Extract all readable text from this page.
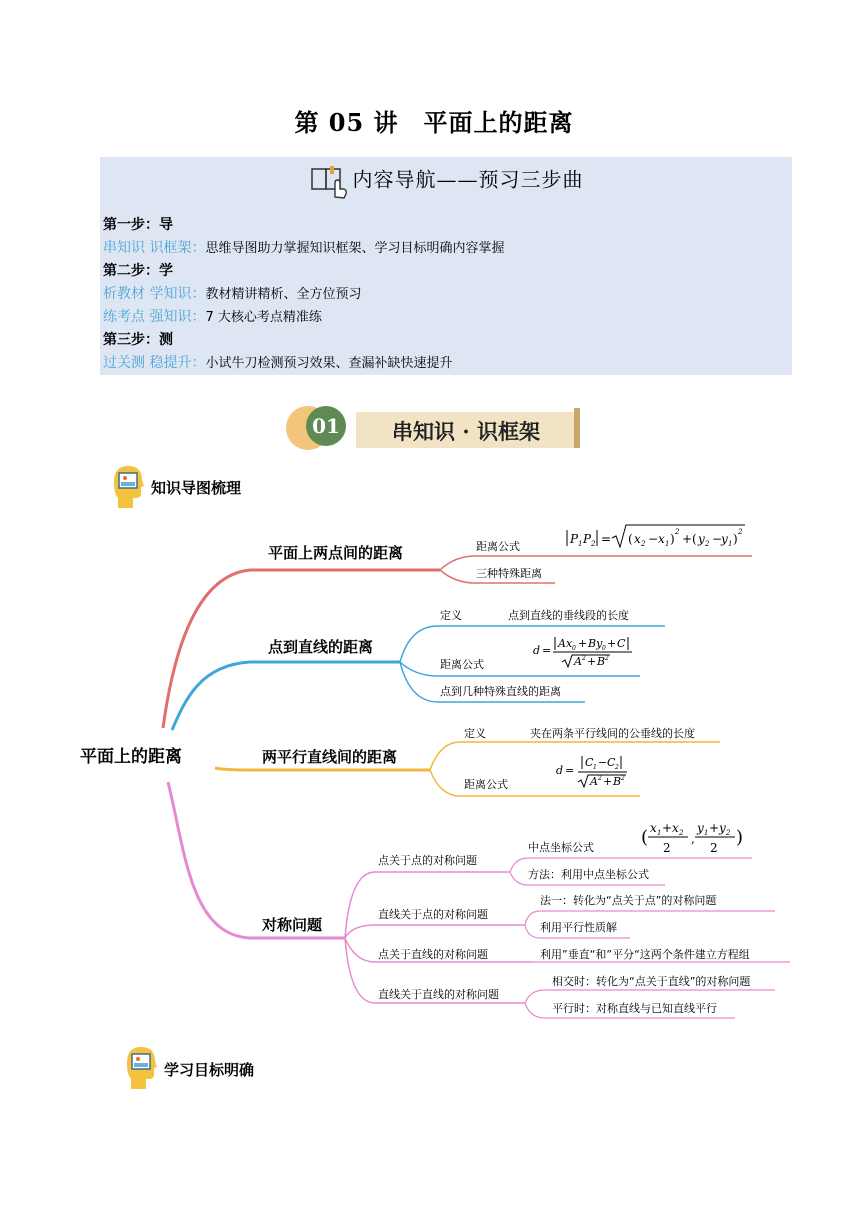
第 05 讲　平面上的距离
内容导航——预习三步曲
第一步：导
串知识 识框架：思维导图助力掌握知识框架、学习目标明确内容掌握
第二步：学
析教材 学知识：教材精讲精析、全方位预习
练考点 强知识：7 大核心考点精准练
第三步：测
过关测 稳提升：小试牛刀检测预习效果、查漏补缺快速提升
01 串知识 · 识框架
知识导图梳理
平面上的距离
平面上两点间的距离	距离公式
三种特殊距离
P 1 P 2 = ( x 2 − x 1 ) 2 + ( y 2 −
y 1 ) 2
点到直线的距离
定义	点到直线的垂线段的长度
距离公式
点到几种特殊直线的距离
d =
Ax 0 + By 0 + C
A 2 + B 2
两平行直线间的距离
定义	夹在两条平行线间的公垂线的长度
距离公式
d =
C 1 − C 2
A 2 + B 2
对称问题
点关于点的对称问题
中点坐标公式
方法：利用中点坐标公式
直线关于点的对称问题
法一：转化为“点关于点”的对称问题
利用平行性质解
点关于直线的对称问题	利用”垂直“和”平分“这两个条件建立方程组
直线关于直线的对称问题
相交时：转化为“点关于直线”的对称问题
平行时：对称直线与已知直线平行
( x 1 + x 2
2
,
y 1 + y 2
2 )
学习目标明确
